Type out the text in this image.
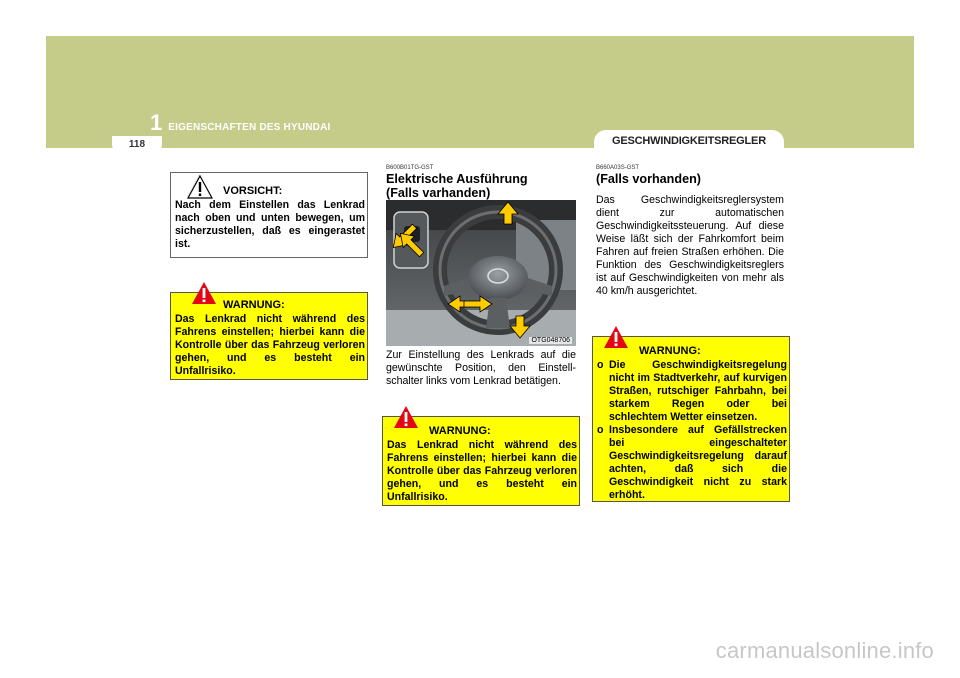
1 EIGENSCHAFTEN DES HYUNDAI
118	GESCHWINDIGKEITSREGLER
VORSICHT:
Nach dem Einstellen das Lenkrad nach oben und unten bewegen, um sicherzustellen, daß es eingerastet ist.
WARNUNG:
Das Lenkrad nicht während des Fahrens einstellen; hierbei kann die Kontrolle über das Fahrzeug verloren gehen, und es besteht ein Unfallrisiko.
B600B01TG-GST
Elektrische Ausführung
(Falls varhanden)
OTG048706
Zur Einstellung des Lenkrads auf die gewünschte Position, den Einstell-schalter links vom Lenkrad betätigen.
WARNUNG:
Das Lenkrad nicht während des Fahrens einstellen; hierbei kann die Kontrolle über das Fahrzeug verloren gehen, und es besteht ein Unfallrisiko.
B660A03S-GST
(Falls vorhanden)
Das Geschwindigkeitsreglersystem dient zur automatischen Geschwindigkeitssteuerung. Auf diese Weise läßt sich der Fahrkomfort beim Fahren auf freien Straßen erhöhen. Die Funktion des Geschwindigkeitsreglers ist auf Geschwindigkeiten von mehr als 40 km/h ausgerichtet.
WARNUNG:
o Die Geschwindigkeitsregelung nicht im Stadtverkehr, auf kurvigen Straßen, rutschiger Fahrbahn, bei starkem Regen oder bei schlechtem Wetter einsetzen.
o Insbesondere auf Gefällstrecken bei eingeschalteter Geschwindigkeitsregelung darauf achten, daß sich die Geschwindigkeit nicht zu stark erhöht.
carmanualsonline.info
